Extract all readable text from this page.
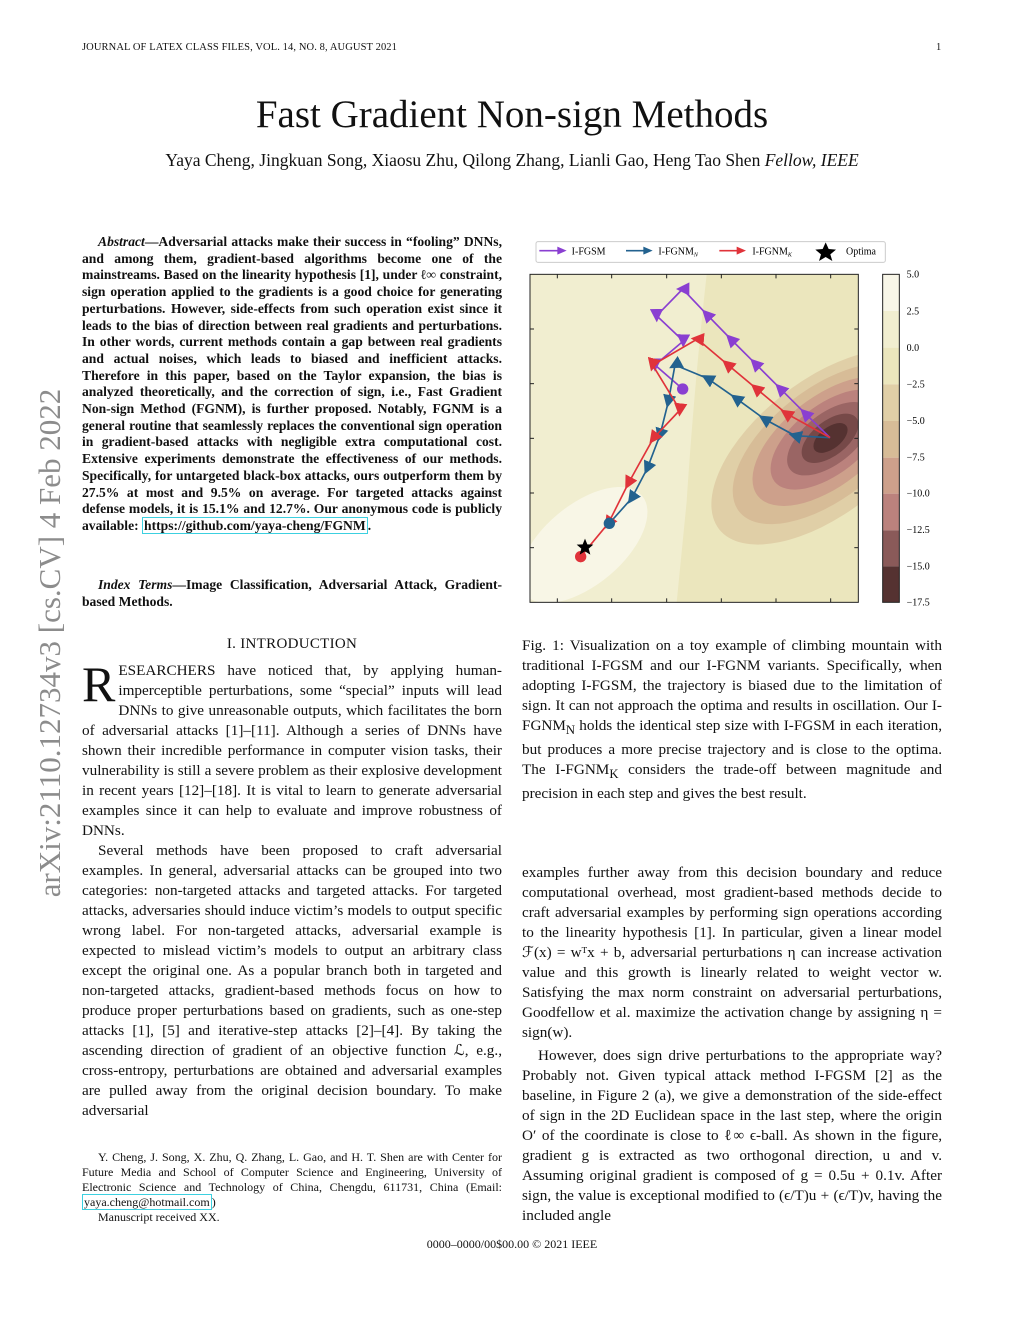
JOURNAL OF LATEX CLASS FILES, VOL. 14, NO. 8, AUGUST 2021	1
Fast Gradient Non-sign Methods
Yaya Cheng, Jingkuan Song, Xiaosu Zhu, Qilong Zhang, Lianli Gao, Heng Tao Shen Fellow, IEEE
arXiv:2110.12734v3 [cs.CV] 4 Feb 2022
Abstract—Adversarial attacks make their success in “fooling” DNNs, and among them, gradient-based algorithms become one of the mainstreams. Based on the linearity hypothesis [1], under ℓ∞ constraint, sign operation applied to the gradients is a good choice for generating perturbations. However, side-effects from such operation exist since it leads to the bias of direction between real gradients and perturbations. In other words, current methods contain a gap between real gradients and actual noises, which leads to biased and inefficient attacks. Therefore in this paper, based on the Taylor expansion, the bias is analyzed theoretically, and the correction of sign, i.e., Fast Gradient Non-sign Method (FGNM), is further proposed. Notably, FGNM is a general routine that seamlessly replaces the conventional sign operation in gradient-based attacks with negligible extra computational cost. Extensive experiments demonstrate the effectiveness of our methods. Specifically, for untargeted black-box attacks, ours outperform them by 27.5% at most and 9.5% on average. For targeted attacks against defense models, it is 15.1% and 12.7%. Our anonymous code is publicly available: https://github.com/yaya-cheng/FGNM .
Index Terms—Image Classification, Adversarial Attack, Gradient-based Methods.
I. INTRODUCTION

RESEARCHERS have noticed that, by applying human-imperceptible perturbations, some “special” inputs will lead DNNs to give unreasonable outputs, which facilitates the born of adversarial attacks [1]–[11]. Although a series of DNNs have shown their incredible performance in computer vision tasks, their vulnerability is still a severe problem as their explosive development in recent years [12]–[18]. It is vital to learn to generate adversarial examples since it can help to evaluate and improve robustness of DNNs.

Several methods have been proposed to craft adversarial examples. In general, adversarial attacks can be grouped into two categories: non-targeted attacks and targeted attacks. For targeted attacks, adversaries should induce victim’s models to output specific wrong label. For non-targeted attacks, adversarial example is expected to mislead victim’s models to output an arbitrary class except the original one. As a popular branch both in targeted and non-targeted attacks, gradient-based methods focus on how to produce proper perturbations based on gradients, such as one-step attacks [1], [5] and iterative-step attacks [2]–[4]. By taking the ascending direction of gradient of an objective function ℒ, e.g., cross-entropy, perturbations are obtained and adversarial examples are pulled away from the original decision boundary. To make adversarial

Y. Cheng, J. Song, X. Zhu, Q. Zhang, L. Gao, and H. T. Shen are with Center for Future Media and School of Computer Science and Engineering, University of Electronic Science and Technology of China, Chengdu, 611731, China (Email: yaya.cheng@hotmail.com )

Manuscript received XX.

I-FGSM $I-FGNM_N$ $I-FGNM_K$ Optima
5.0
2.5
0.0
−2.5
−5.0
−7.5
−10.0
−12.5
−15.0
−17.5
Fig. 1: Visualization on a toy example of climbing mountain with traditional I-FGSM and our I-FGNM variants. Specifically, when adopting I-FGSM, the trajectory is biased due to the limitation of sign. It can not approach the optima and results in oscillation. Our $I-FGNM_N$ holds the identical step size with I-FGSM in each iteration, but produces a more precise trajectory and is close to the optima. The $I-FGNM_K$ considers the trade-off between magnitude and precision in each step and gives the best result.

examples further away from this decision boundary and reduce computational overhead, most gradient-based methods decide to craft adversarial examples by performing sign operations according to the linearity hypothesis [1]. In particular, given a linear model ℱ(x) = wᵀx + b, adversarial perturbations η can increase activation value and this growth is linearly related to weight vector w. Satisfying the max norm constraint on adversarial perturbations, Goodfellow et al. maximize the activation change by assigning η = sign(w).

However, does sign drive perturbations to the appropriate way? Probably not. Given typical attack method I-FGSM [2] as the baseline, in Figure 2 (a), we give a demonstration of the side-effect of sign in the 2D Euclidean space in the last step, where the origin O′ of the coordinate is close to ℓ∞ ϵ-ball. As shown in the figure, gradient g is extracted as two orthogonal direction, u and v. Assuming original gradient is composed of g = 0.5u + 0.1v. After sign, the value is exceptional modified to (ϵ/T)u + (ϵ/T)v, having the included angle

0000–0000/00$00.00 © 2021 IEEE
